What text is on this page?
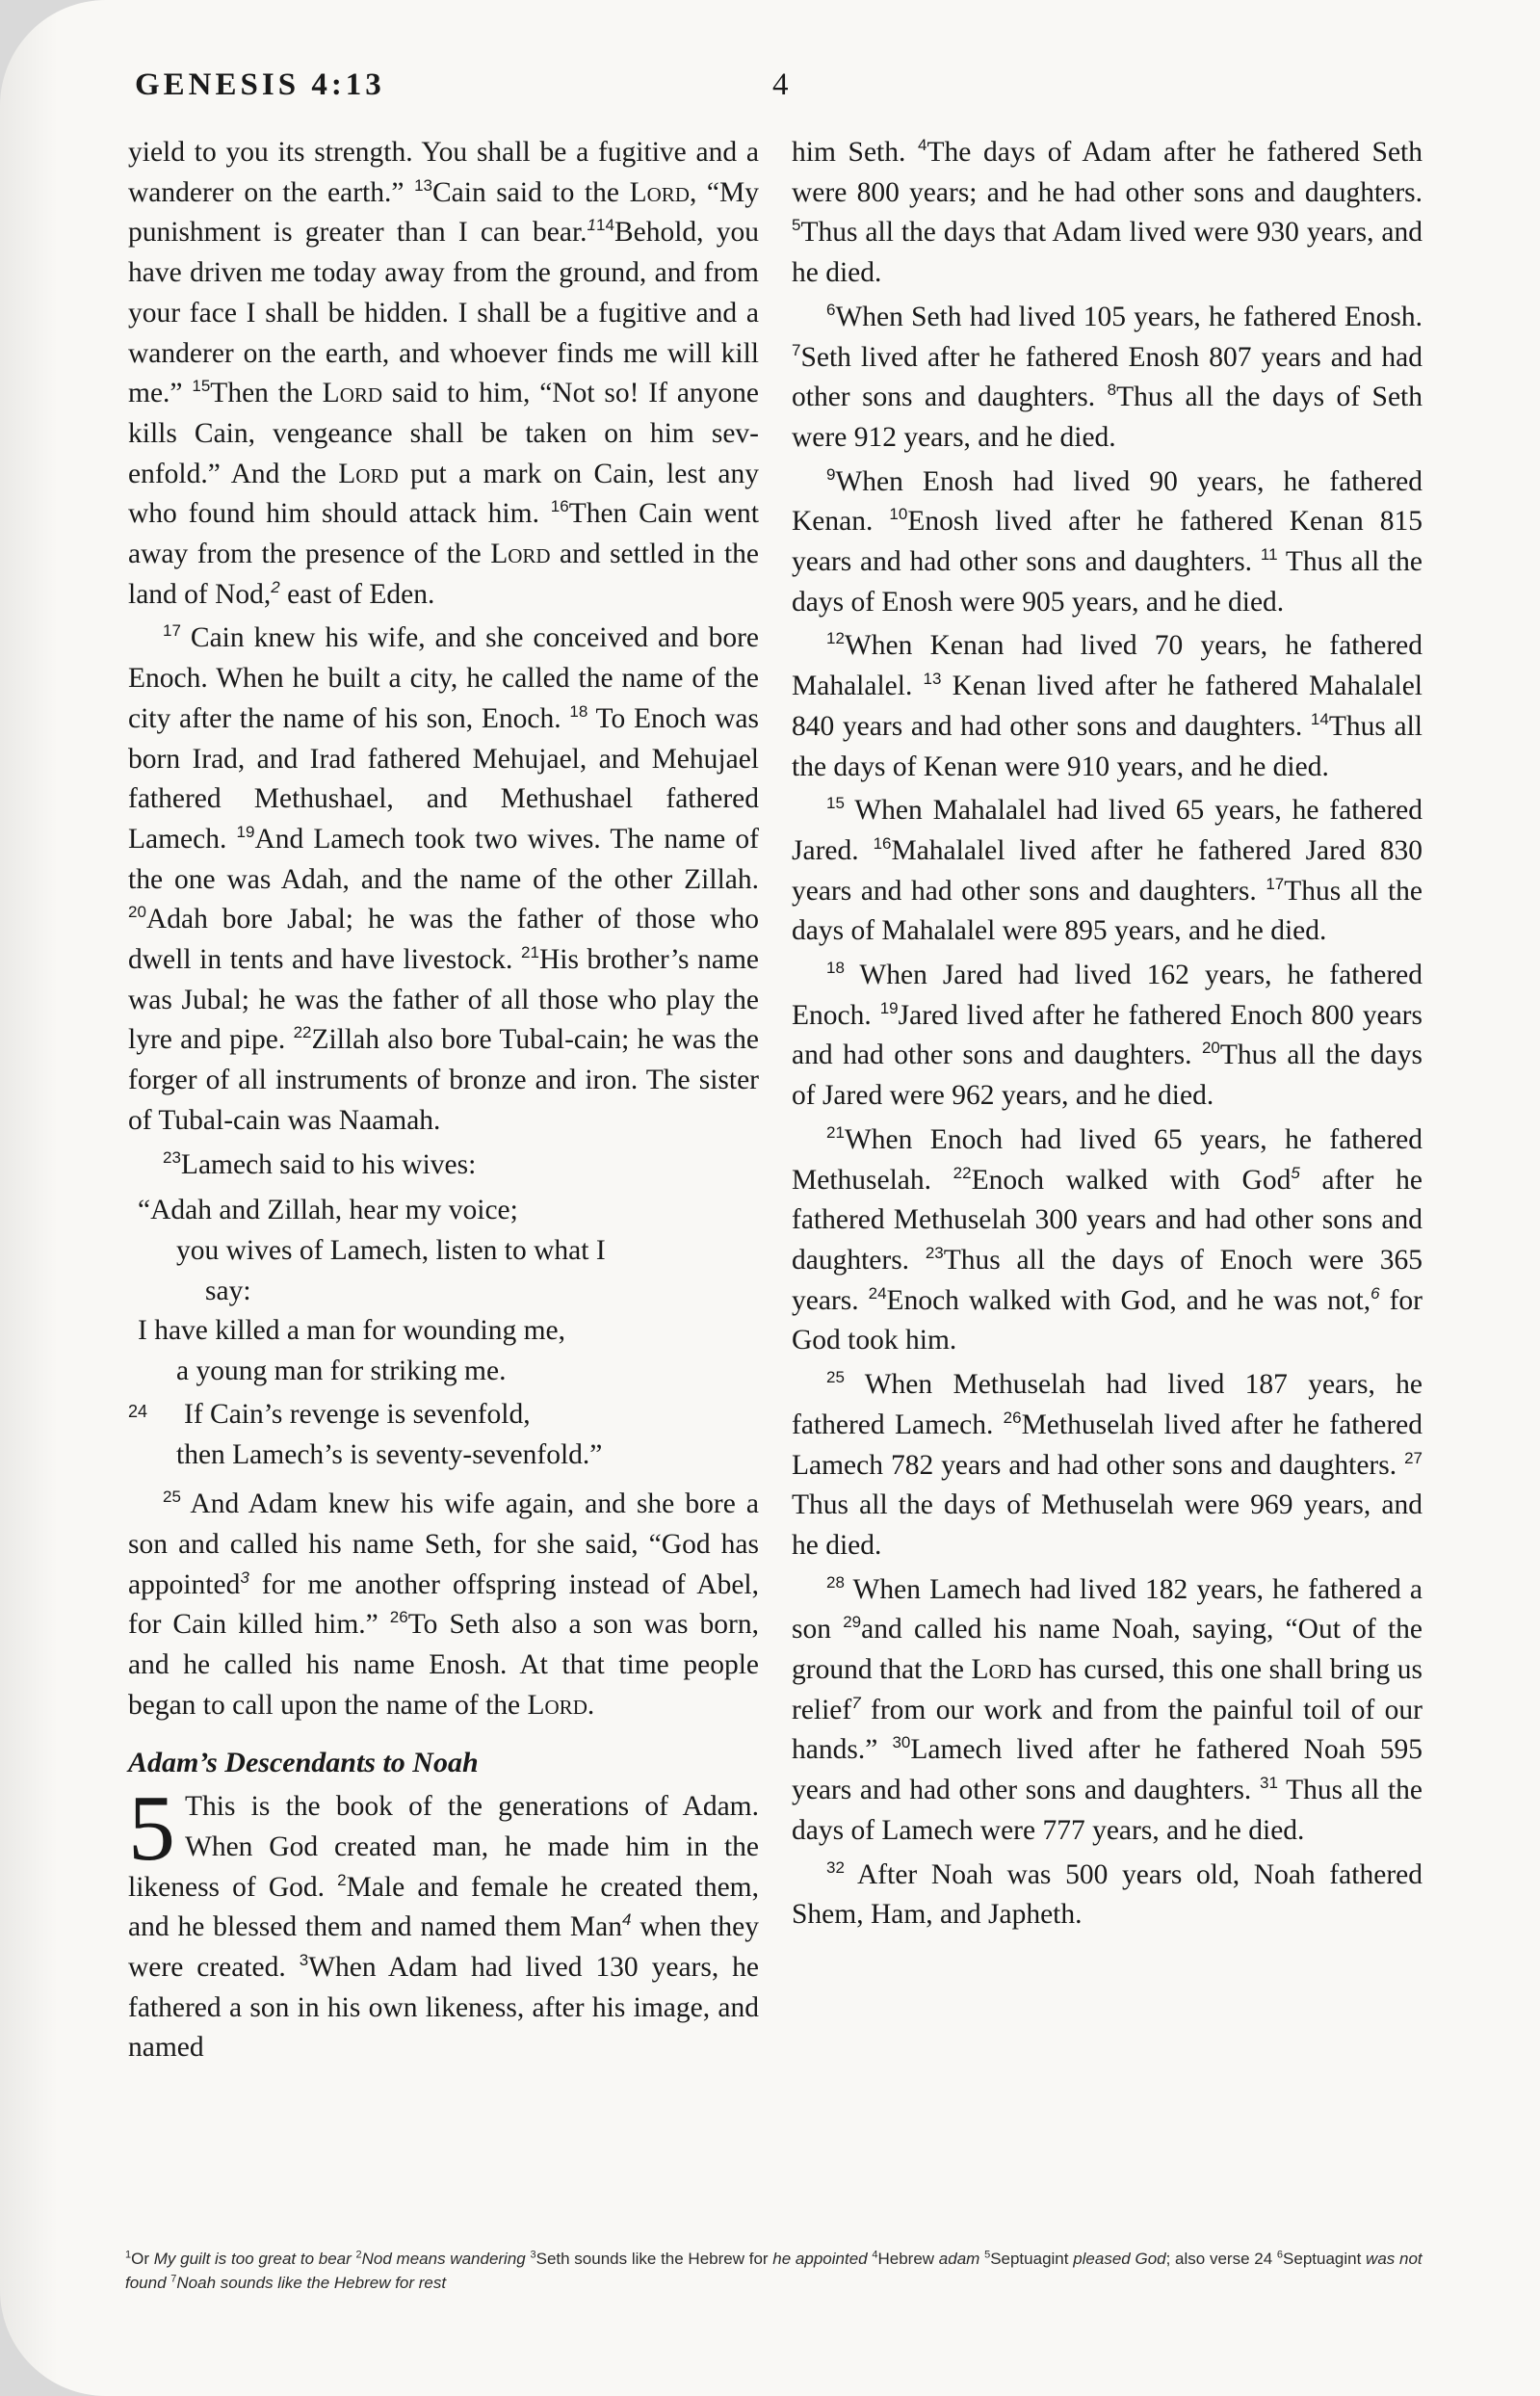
GENESIS 4:13	4

yield to you its strength. You shall be a fugitive and a wanderer on the earth.” $^{13}$Cain said to the Lord, “My punishment is greater than I can bear.$^{114}$Behold, you have driven me today away from the ground, and from your face I shall be hidden. I shall be a fugitive and a wanderer on the earth, and whoever finds me will kill me.” $^{15}$Then the Lord said to him, “Not so! If anyone kills Cain, vengeance shall be taken on him sevenfold.” And the Lord put a mark on Cain, lest any who found him should attack him. $^{16}$Then Cain went away from the presence of the Lord and settled in the land of Nod,$^2$ east of Eden.

$^{17}$ Cain knew his wife, and she conceived and bore Enoch. When he built a city, he called the name of the city after the name of his son, Enoch. $^{18}$ To Enoch was born Irad, and Irad fathered Mehujael, and Mehujael fathered Methushael, and Methushael fathered Lamech. $^{19}$And Lamech took two wives. The name of the one was Adah, and the name of the other Zillah. $^{20}$Adah bore Jabal; he was the father of those who dwell in tents and have livestock. $^{21}$His brother’s name was Jubal; he was the father of all those who play the lyre and pipe. $^{22}$Zillah also bore Tubal-cain; he was the forger of all instruments of bronze and iron. The sister of Tubal-cain was Naamah.

$^{23}$Lamech said to his wives:

“Adah and Zillah, hear my voice;
you wives of Lamech, listen to what I
say:
I have killed a man for wounding me,
a young man for striking me.
24 If Cain’s revenge is sevenfold,
then Lamech’s is seventy-sevenfold.”

$^{25}$ And Adam knew his wife again, and she bore a son and called his name Seth, for she said, “God has appointed$^3$ for me another offspring instead of Abel, for Cain killed him.” $^{26}$To Seth also a son was born, and he called his name Enosh. At that time people began to call upon the name of the Lord.

Adam’s Descendants to Noah

5 This is the book of the generations of Adam. When God created man, he made him in the likeness of God. $^2$Male and female he created them, and he blessed them and named them Man$^4$ when they were created. $^3$When Adam had lived 130 years, he fathered a son in his own likeness, after his image, and named

him Seth. $^4$The days of Adam after he fathered Seth were 800 years; and he had other sons and daughters. $^5$Thus all the days that Adam lived were 930 years, and he died.

$^6$When Seth had lived 105 years, he fathered Enosh. $^7$Seth lived after he fathered Enosh 807 years and had other sons and daughters. $^8$Thus all the days of Seth were 912 years, and he died.

$^9$When Enosh had lived 90 years, he fathered Kenan. $^{10}$Enosh lived after he fathered Kenan 815 years and had other sons and daughters. $^{11}$ Thus all the days of Enosh were 905 years, and he died.

$^{12}$When Kenan had lived 70 years, he fathered Mahalalel. $^{13}$ Kenan lived after he fathered Mahalalel 840 years and had other sons and daughters. $^{14}$Thus all the days of Kenan were 910 years, and he died.

$^{15}$ When Mahalalel had lived 65 years, he fathered Jared. $^{16}$Mahalalel lived after he fathered Jared 830 years and had other sons and daughters. $^{17}$Thus all the days of Mahalalel were 895 years, and he died.

$^{18}$ When Jared had lived 162 years, he fathered Enoch. $^{19}$Jared lived after he fathered Enoch 800 years and had other sons and daughters. $^{20}$Thus all the days of Jared were 962 years, and he died.

$^{21}$When Enoch had lived 65 years, he fathered Methuselah. $^{22}$Enoch walked with God$^5$ after he fathered Methuselah 300 years and had other sons and daughters. $^{23}$Thus all the days of Enoch were 365 years. $^{24}$Enoch walked with God, and he was not,$^6$ for God took him.

$^{25}$ When Methuselah had lived 187 years, he fathered Lamech. $^{26}$Methuselah lived after he fathered Lamech 782 years and had other sons and daughters. $^{27}$ Thus all the days of Methuselah were 969 years, and he died.

$^{28}$ When Lamech had lived 182 years, he fathered a son $^{29}$and called his name Noah, saying, “Out of the ground that the Lord has cursed, this one shall bring us relief$^7$ from our work and from the painful toil of our hands.” $^{30}$Lamech lived after he fathered Noah 595 years and had other sons and daughters. $^{31}$ Thus all the days of Lamech were 777 years, and he died.

$^{32}$ After Noah was 500 years old, Noah fathered Shem, Ham, and Japheth.

$^1$Or My guilt is too great to bear $^2$Nod means wandering $^3$Seth sounds like the Hebrew for he appointed $^4$Hebrew adam $^5$Septuagint pleased God; also verse 24 $^6$Septuagint was not found $^7$Noah sounds like the Hebrew for rest
